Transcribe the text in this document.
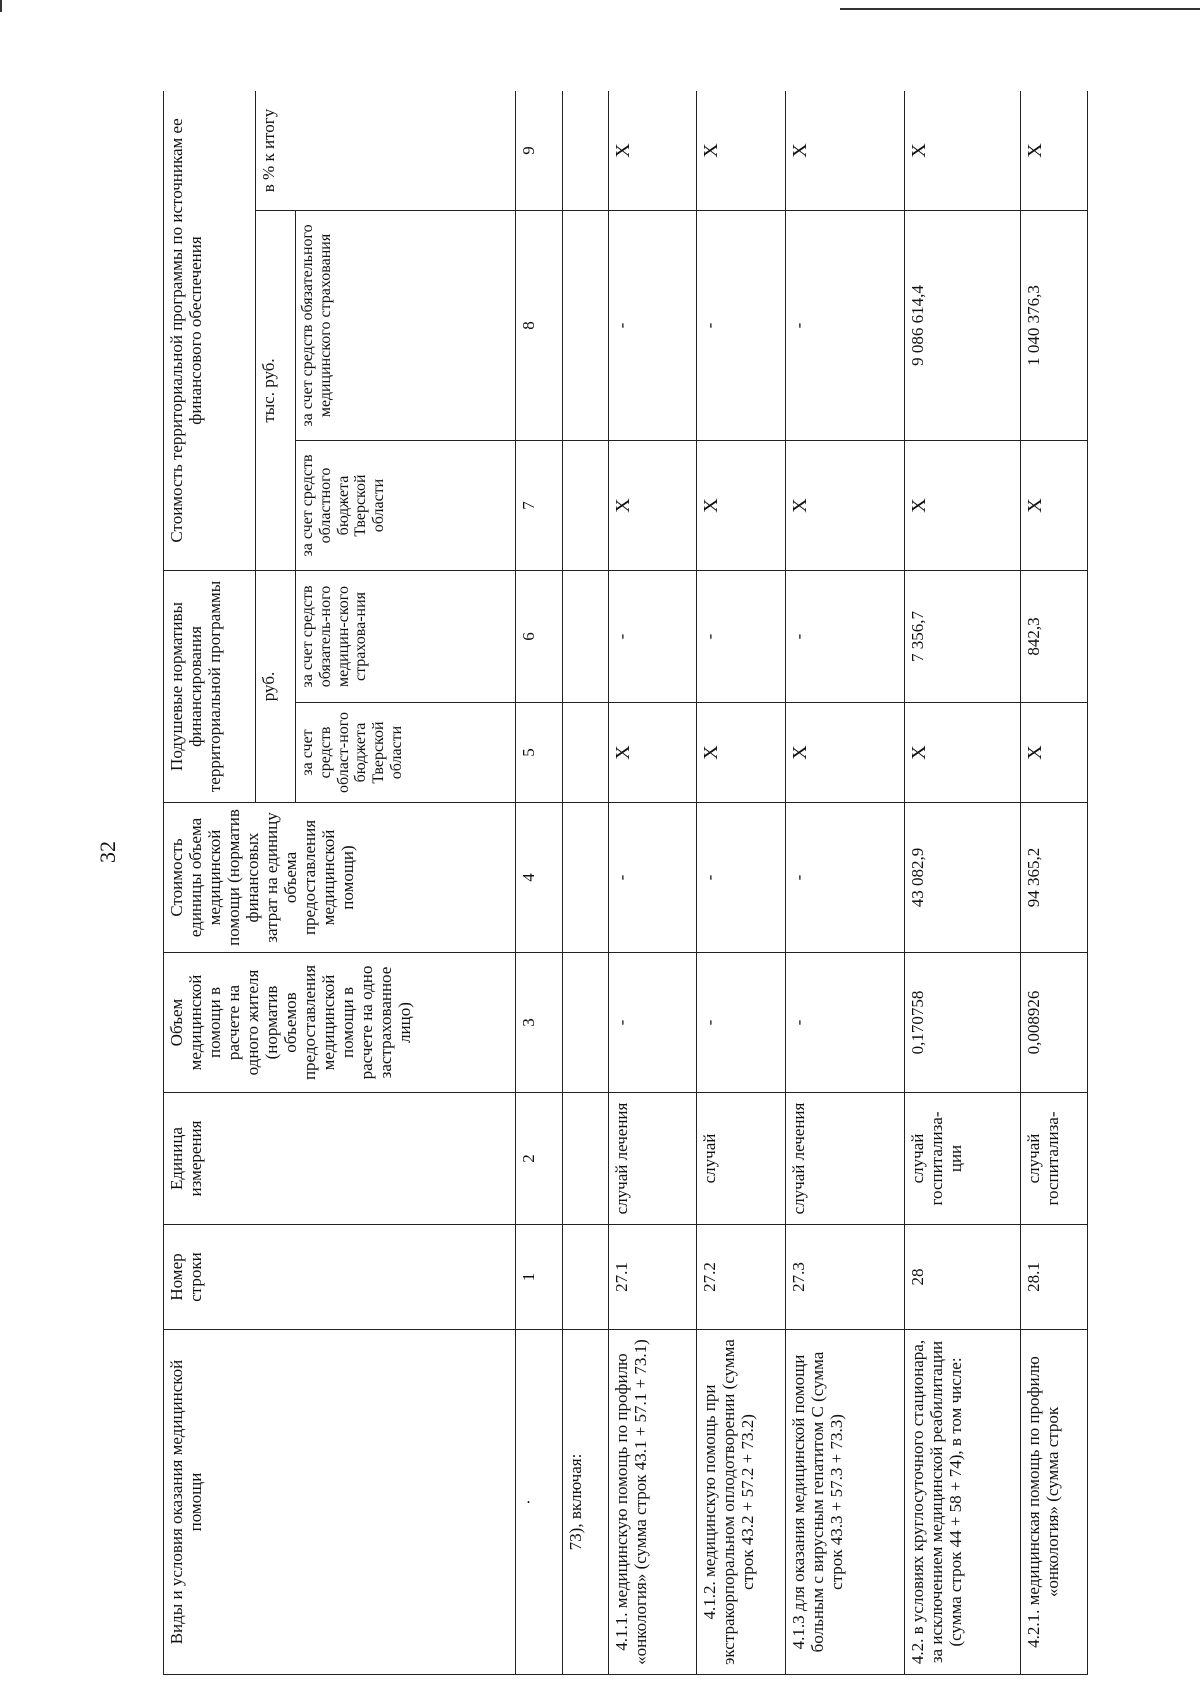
32
Виды и условия оказания медицинской помощи	Номер строки	Единица измерения	Объем медицинской помощи в расчете на одного жителя (норматив объемов предоставления медицинской помощи в расчете на одно застрахованное лицо)	Стоимость единицы объема медицинской помощи (норматив финансовых затрат на единицу объема предоставления медицинской помощи)	Подушевые нормативы финансирования территориальной программы		Стоимость территориальной программы по источникам ее финансового обеспечения		
					руб.		тыс. руб.		в % к итогу
					за счет средств област-ного бюджета Тверской области	за счет средств обязатель-ного медицин-ского страхова-ния	за счет средств областного бюджета Тверской области	за счет средств обязательного медицинского страхования	
·	1	2	3	4	5	6	7	8	9
73), включая:									
4.1.1. медицинскую помощь по профилю «онкология» (сумма строк 43.1 + 57.1 + 73.1)	27.1	случай лечения	-	-	Х	-	Х	-	Х
4.1.2. медицинскую помощь при экстракорпоральном оплодотворении (сумма строк 43.2 + 57.2 + 73.2)	27.2	случай	-	-	Х	-	Х	-	Х
4.1.3 для оказания медицинской помощи больным с вирусным гепатитом С (сумма строк 43.3 + 57.3 + 73.3)	27.3	случай лечения	-	-	Х	-	Х	-	Х
4.2. в условиях круглосуточного стационара, за исключением медицинской реабилитации (сумма строк 44 + 58 + 74), в том числе:	28	случай госпитализа-ции	0,170758	43 082,9	Х	7 356,7	Х	9 086 614,4	Х
4.2.1. медицинская помощь по профилю «онкология» (сумма строк	28.1	случай госпитализа-	0,008926	94 365,2	Х	842,3	Х	1 040 376,3	Х
